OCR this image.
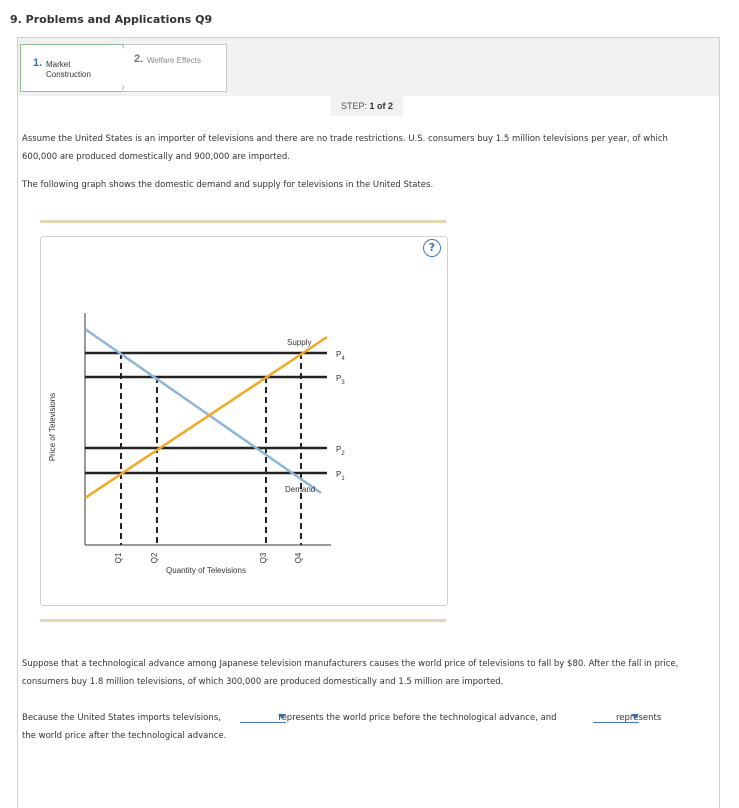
9. Problems and Applications Q9
1. Market Construction
2. Welfare Effects
STEP: 1 of 2

Assume the United States is an importer of televisions and there are no trade restrictions. U.S. consumers buy 1.5 million televisions per year, of which 600,000 are produced domestically and 900,000 are imported.

The following graph shows the domestic demand and supply for televisions in the United States.

?
Price of Televisions
Supply
Demand
$P_4$
$P_3$
$P_2$
$P_1$
Q1	Q2	Q3	Q4
Quantity of Televisions

Suppose that a technological advance among Japanese television manufacturers causes the world price of televisions to fall by $80. After the fall in price, consumers buy 1.8 million televisions, of which 300,000 are produced domestically and 1.5 million are imported.

Because the United States imports televisions,	represents the world price before the technological advance, and	represents
the world price after the technological advance.
